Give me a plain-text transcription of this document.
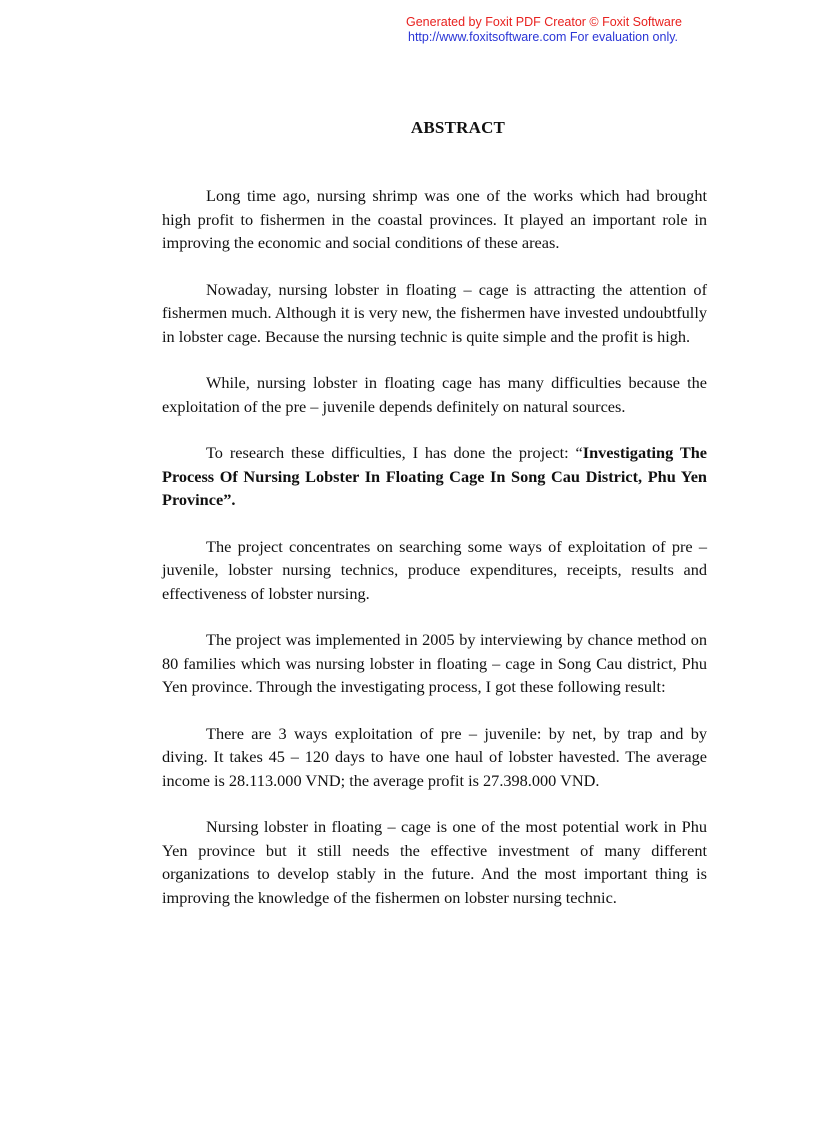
Generated by Foxit PDF Creator © Foxit Software
http://www.foxitsoftware.com For evaluation only.
ABSTRACT

Long time ago, nursing shrimp was one of the works which had brought high profit to fishermen in the coastal provinces. It played an important role in improving the economic and social conditions of these areas.

Nowaday, nursing lobster in floating – cage is attracting the attention of fishermen much. Although it is very new, the fishermen have invested undoubtfully in lobster cage. Because the nursing technic is quite simple and the profit is high.

While, nursing lobster in floating cage has many difficulties because the exploitation of the pre – juvenile depends definitely on natural sources.

To research these difficulties, I has done the project: “Investigating The Process Of Nursing Lobster In Floating Cage In Song Cau District, Phu Yen Province”.

The project concentrates on searching some ways of exploitation of pre – juvenile, lobster nursing technics, produce expenditures, receipts, results and effectiveness of lobster nursing.

The project was implemented in 2005 by interviewing by chance method on 80 families which was nursing lobster in floating – cage in Song Cau district, Phu Yen province. Through the investigating process, I got these following result:

There are 3 ways exploitation of pre – juvenile: by net, by trap and by diving. It takes 45 – 120 days to have one haul of lobster havested. The average income is 28.113.000 VND; the average profit is 27.398.000 VND.

Nursing lobster in floating – cage is one of the most potential work in Phu Yen province but it still needs the effective investment of many different organizations to develop stably in the future. And the most important thing is improving the knowledge of the fishermen on lobster nursing technic.
